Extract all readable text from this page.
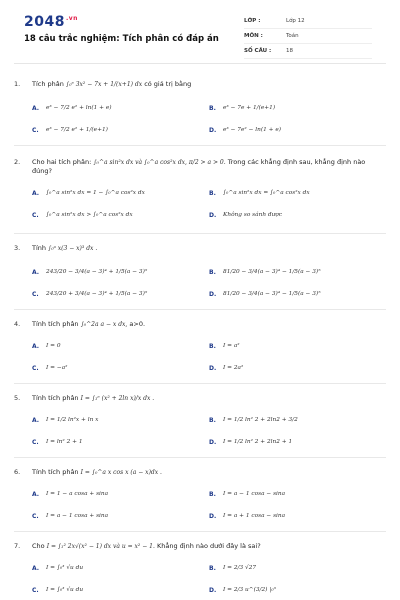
$2048^{.vn}$
18 câu trắc nghiệm: Tích phân có đáp án
LỚP :	Lớp 12
MÔN :	Toán
SỐ CÂU :	18
1.	Tích phân ∫₀ᵉ 3x² − 7x + 1/(x+1) dx có giá trị bằng
A.	e³ − 7/2 e² + ln(1 + e)	B.	e³ − 7e + 1/(e+1)
C.	e³ − 7/2 e² + 1/(e+1)	D.	e³ − 7e² − ln(1 + e)
2.	Cho hai tích phân: ∫₀^a sin²x dx và ∫₀^a cos²x dx, π/2 > a > 0. Trong các khẳng định sau, khẳng định nào đúng?
A.	∫₀^a sin²x dx = 1 − ∫₀^a cos²x dx	B.	∫₀^a sin²x dx = ∫₀^a cos²x dx
C.	∫₀^a sin²x dx > ∫₀^a cos²x dx	D.	Không so sánh được
3.	Tính ∫₀ᵃ x(3 − x)³ dx .
A.	243/20 − 3/4(a − 3)⁴ + 1/5(a − 3)⁵	B.	81/20 − 3/4(a − 3)⁴ − 1/5(a − 3)⁵
C.	243/20 + 3/4(a − 3)⁴ + 1/5(a − 3)⁵	D.	81/20 − 3/4(a − 3)⁴ − 1/5(a − 3)⁵
4.	Tính tích phân ∫₀^2a a − x dx, a>0.
A.	I = 0	B.	I = a²
C.	I = −a²	D.	I = 2a²
5.	Tính tích phân I = ∫₁ᵉ (x² + 2ln x)/x dx .
A.	I = 1/2 ln²x + ln x	B.	I = 1/2 ln² 2 + 2ln2 + 3/2
C.	I = ln² 2 + 1	D.	I = 1/2 ln² 2 + 2ln2 + 1
6.	Tính tích phân I = ∫₀^a x cos x (a − x)dx .
A.	I = 1 − a cosa + sina	B.	I = a − 1 cosa − sina
C.	I = a − 1 cosa + sina	D.	I = a + 1 cosa − sina
7.	Cho I = ∫₁² 2x√(x² − 1) dx và u = x² − 1. Khẳng định nào dưới đây là sai?
A.	I = ∫₀³ √u du	B.	I = 2/3 √27
C.	I = ∫₀³ √u du	D.	I = 2/3 u^(3/2) |₀³
